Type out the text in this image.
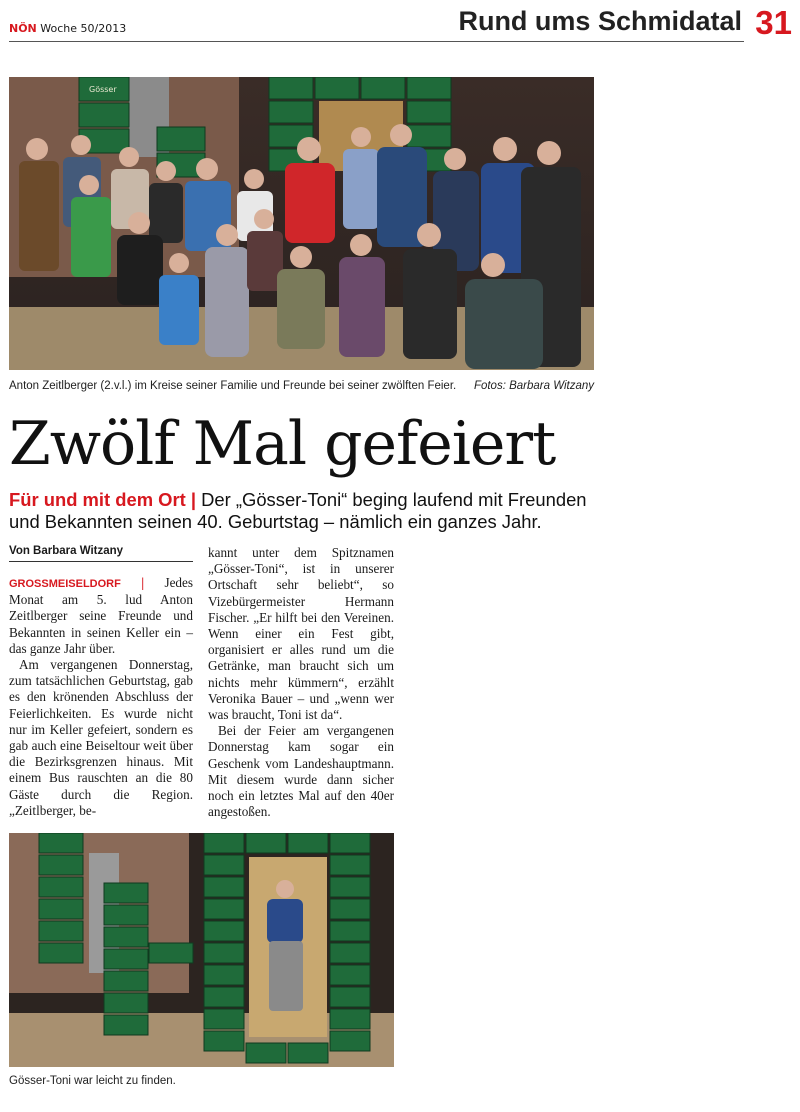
NÖN Woche 50/2013	Rund ums Schmidatal 31
Gösser
Anton Zeitlberger (2.v.l.) im Kreise seiner Familie und Freunde bei seiner zwölften Feier. Fotos: Barbara Witzany
Zwölf Mal gefeiert
Für und mit dem Ort | Der „Gösser-Toni“ beging laufend mit Freunden und Bekannten seinen 40. Geburtstag – nämlich ein ganzes Jahr.
Von Barbara Witzany

GROSSMEISELDORF | Jedes Monat am 5. lud Anton Zeitlberger seine Freunde und Bekannten in seinen Keller ein – das ganze Jahr über.

Am vergangenen Donnerstag, zum tatsächlichen Geburtstag, gab es den krönenden Abschluss der Feierlichkeiten. Es wurde nicht nur im Keller gefeiert, sondern es gab auch eine Beiseltour weit über die Bezirksgrenzen hinaus. Mit einem Bus rauschten an die 80 Gäste durch die Region. „Zeitlberger, be-

kannt unter dem Spitznamen „Gösser-Toni“, ist in unserer Ortschaft sehr beliebt“, so Vizebürgermeister Hermann Fischer. „Er hilft bei den Vereinen. Wenn einer ein Fest gibt, organisiert er alles rund um die Getränke, man braucht sich um nichts mehr kümmern“, erzählt Veronika Bauer – und „wenn wer was braucht, Toni ist da“.

Bei der Feier am vergangenen Donnerstag kam sogar ein Geschenk vom Landeshauptmann. Mit diesem wurde dann sicher noch ein letztes Mal auf den 40er angestoßen.

Gösser-Toni war leicht zu finden.
